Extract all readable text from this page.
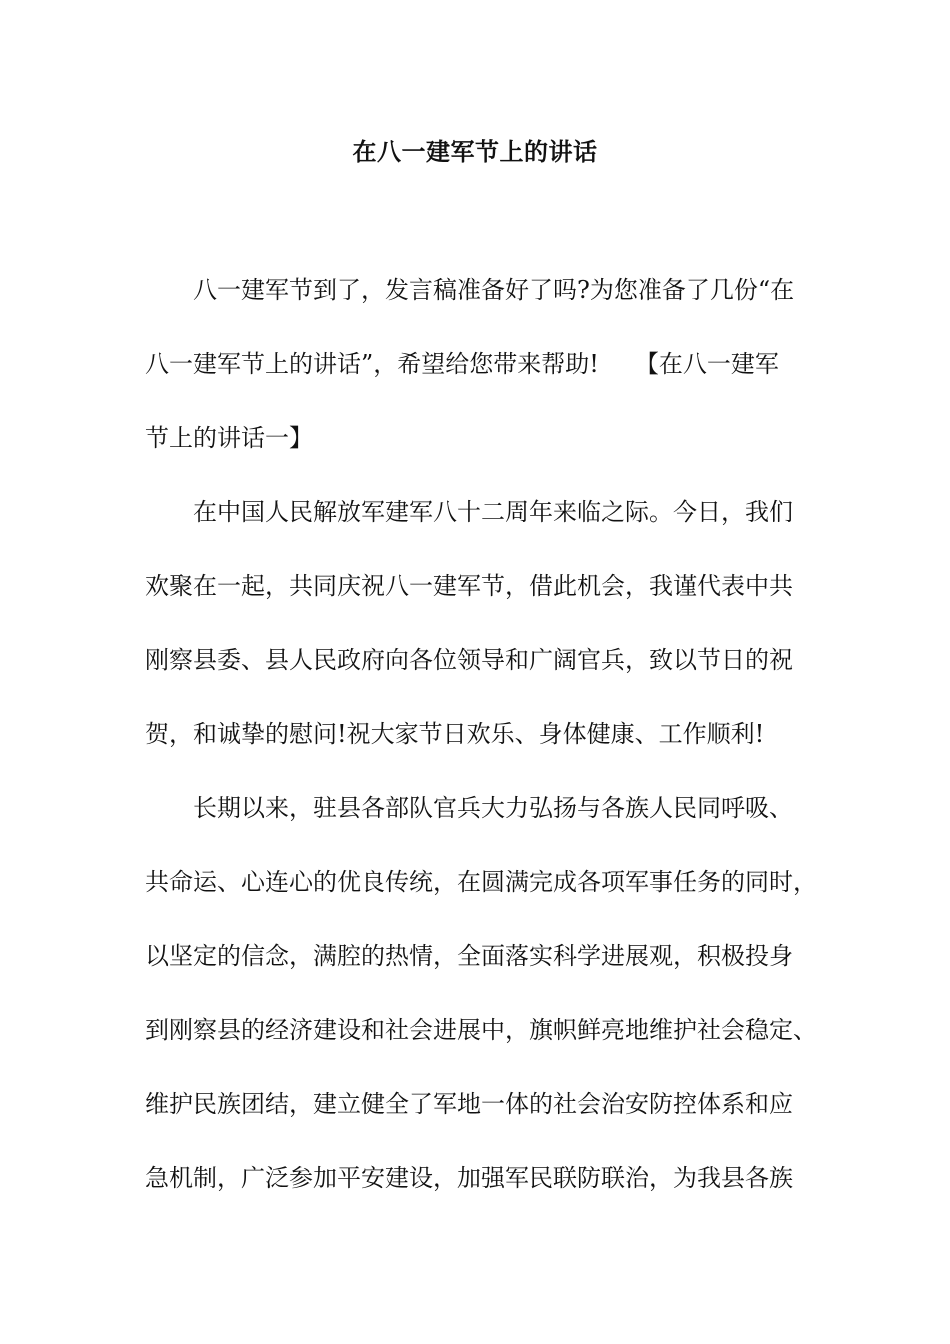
在八一建军节上的讲话

八一建军节到了，发言稿准备好了吗?为您准备了几份“在
八一建军节上的讲话”，希望给您带来帮助!　　【在八一建军
节上的讲话一】

在中国人民解放军建军八十二周年来临之际。今日，我们
欢聚在一起，共同庆祝八一建军节，借此机会，我谨代表中共
刚察县委、县人民政府向各位领导和广阔官兵，致以节日的祝
贺，和诚挚的慰问!祝大家节日欢乐、身体健康、工作顺利!

长期以来，驻县各部队官兵大力弘扬与各族人民同呼吸、
共命运、心连心的优良传统，在圆满完成各项军事任务的同时，
以坚定的信念，满腔的热情，全面落实科学进展观，积极投身
到刚察县的经济建设和社会进展中，旗帜鲜亮地维护社会稳定、
维护民族团结，建立健全了军地一体的社会治安防控体系和应
急机制，广泛参加平安建设，加强军民联防联治，为我县各族
